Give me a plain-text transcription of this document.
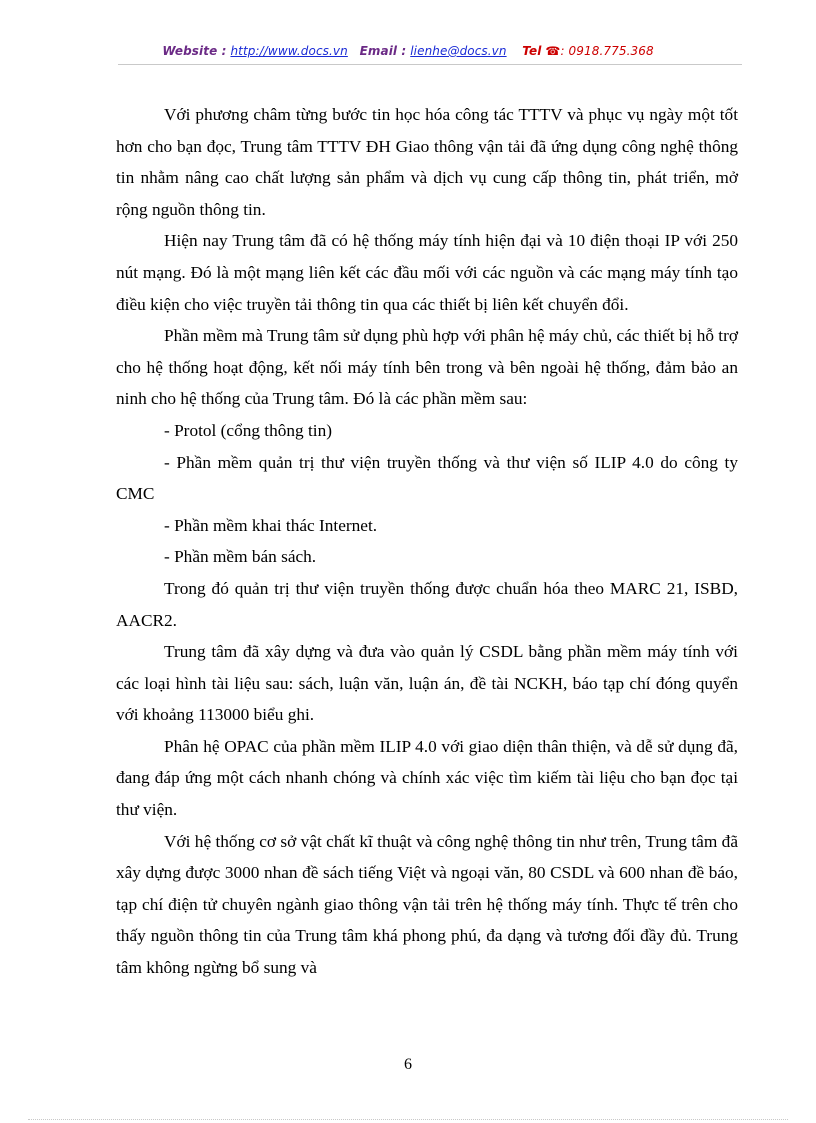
Website : http://www.docs.vn Email : lienhe@docs.vn Tel ☎: 0918.775.368

Với phương châm từng bước tin học hóa công tác TTTV và phục vụ ngày một tốt hơn cho bạn đọc, Trung tâm TTTV ĐH Giao thông vận tải đã ứng dụng công nghệ thông tin nhằm nâng cao chất lượng sản phẩm và dịch vụ cung cấp thông tin, phát triển, mở rộng nguồn thông tin.

Hiện nay Trung tâm đã có hệ thống máy tính hiện đại và 10 điện thoại IP với 250 nút mạng. Đó là một mạng liên kết các đầu mối với các nguồn và các mạng máy tính tạo điều kiện cho việc truyền tải thông tin qua các thiết bị liên kết chuyển đổi.

Phần mềm mà Trung tâm sử dụng phù hợp với phân hệ máy chủ, các thiết bị hỗ trợ cho hệ thống hoạt động, kết nối máy tính bên trong và bên ngoài hệ thống, đảm bảo an ninh cho hệ thống của Trung tâm. Đó là các phần mềm sau:

- Protol (cổng thông tin)

- Phần mềm quản trị thư viện truyền thống và thư viện số ILIP 4.0 do công ty CMC

- Phần mềm khai thác Internet.

- Phần mềm bán sách.

Trong đó quản trị thư viện truyền thống được chuẩn hóa theo MARC 21, ISBD, AACR2.

Trung tâm đã xây dựng và đưa vào quản lý CSDL bằng phần mềm máy tính với các loại hình tài liệu sau: sách, luận văn, luận án, đề tài NCKH, báo tạp chí đóng quyển với khoảng 113000 biểu ghi.

Phân hệ OPAC của phần mềm ILIP 4.0 với giao diện thân thiện, và dễ sử dụng đã, đang đáp ứng một cách nhanh chóng và chính xác việc tìm kiếm tài liệu cho bạn đọc tại thư viện.

Với hệ thống cơ sở vật chất kĩ thuật và công nghệ thông tin như trên, Trung tâm đã xây dựng được 3000 nhan đề sách tiếng Việt và ngoại văn, 80 CSDL và 600 nhan đề báo, tạp chí điện tử chuyên ngành giao thông vận tải trên hệ thống máy tính. Thực tế trên cho thấy nguồn thông tin của Trung tâm khá phong phú, đa dạng và tương đối đầy đủ. Trung tâm không ngừng bổ sung và

6
